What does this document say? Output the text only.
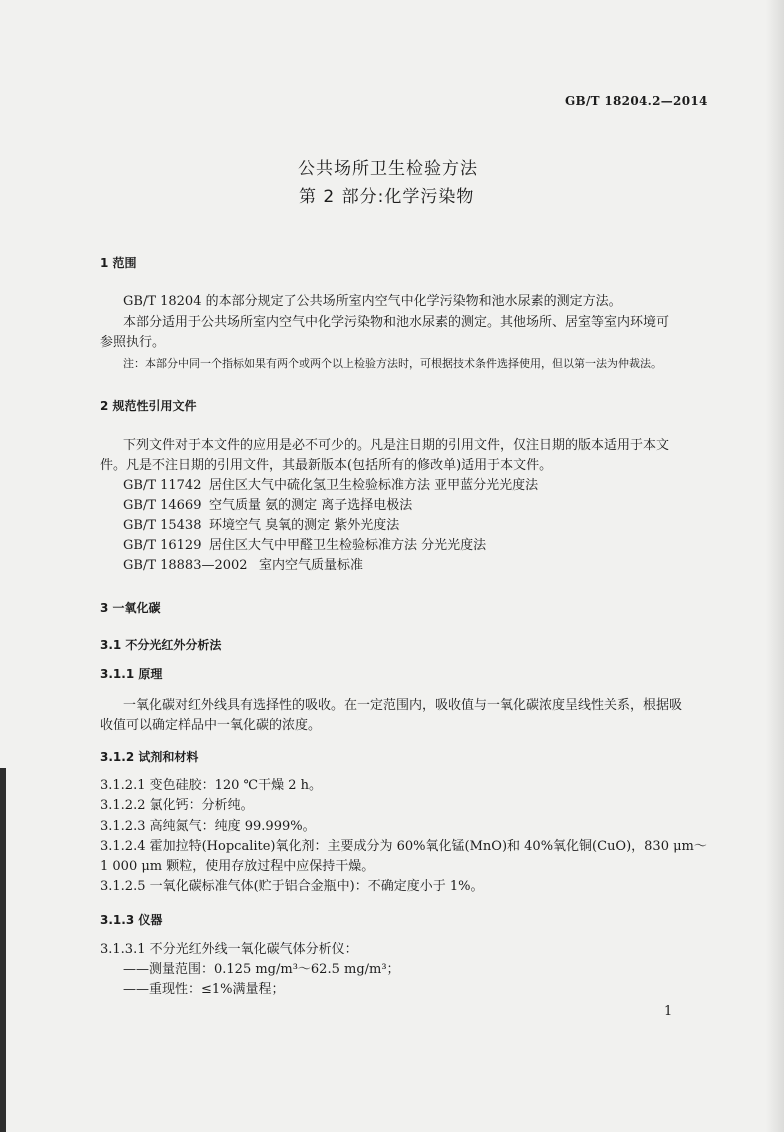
GB/T 18204.2—2014
公共场所卫生检验方法
第 2 部分:化学污染物
1 范围
GB/T 18204 的本部分规定了公共场所室内空气中化学污染物和池水尿素的测定方法。
本部分适用于公共场所室内空气中化学污染物和池水尿素的测定。其他场所、居室等室内环境可
参照执行。
注：本部分中同一个指标如果有两个或两个以上检验方法时，可根据技术条件选择使用，但以第一法为仲裁法。
2 规范性引用文件
下列文件对于本文件的应用是必不可少的。凡是注日期的引用文件，仅注日期的版本适用于本文
件。凡是不注日期的引用文件，其最新版本(包括所有的修改单)适用于本文件。
GB/T 11742 居住区大气中硫化氢卫生检验标准方法 亚甲蓝分光光度法
GB/T 14669 空气质量 氨的测定 离子选择电极法
GB/T 15438 环境空气 臭氧的测定 紫外光度法
GB/T 16129 居住区大气中甲醛卫生检验标准方法 分光光度法
GB/T 18883—2002 室内空气质量标准
3 一氧化碳
3.1 不分光红外分析法
3.1.1 原理
一氧化碳对红外线具有选择性的吸收。在一定范围内，吸收值与一氧化碳浓度呈线性关系，根据吸
收值可以确定样品中一氧化碳的浓度。
3.1.2 试剂和材料
3.1.2.1 变色硅胶：120 ℃干燥 2 h。
3.1.2.2 氯化钙：分析纯。
3.1.2.3 高纯氮气：纯度 99.999%。
3.1.2.4 霍加拉特(Hopcalite)氧化剂：主要成分为 60%氧化锰(MnO)和 40%氧化铜(CuO)，830 μm～
1 000 μm 颗粒，使用存放过程中应保持干燥。
3.1.2.5 一氧化碳标准气体(贮于铝合金瓶中)：不确定度小于 1%。
3.1.3 仪器
3.1.3.1 不分光红外线一氧化碳气体分析仪：
——测量范围：0.125 mg/m³～62.5 mg/m³；
——重现性：≤1%满量程；
1
